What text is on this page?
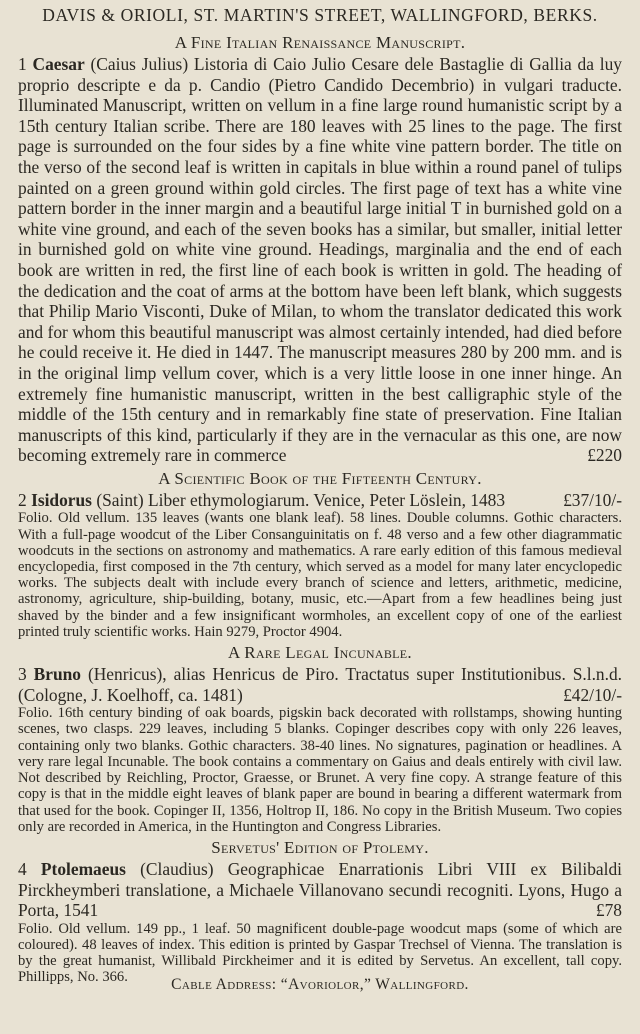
DAVIS & ORIOLI, ST. MARTIN'S STREET, WALLINGFORD, BERKS.
A Fine Italian Renaissance Manuscript.
1 Caesar (Caius Julius) Listoria di Caio Julio Cesare dele Bastaglie di Gallia da luy proprio descripte e da p. Candio (Pietro Candido Decembrio) in vulgari traducte. Illuminated Manuscript, written on vellum in a fine large round humanistic script by a 15th century Italian scribe. There are 180 leaves with 25 lines to the page. The first page is surrounded on the four sides by a fine white vine pattern border. The title on the verso of the second leaf is written in capitals in blue within a round panel of tulips painted on a green ground within gold circles. The first page of text has a white vine pattern border in the inner margin and a beautiful large initial T in burnished gold on a white vine ground, and each of the seven books has a similar, but smaller, initial letter in burnished gold on white vine ground. Headings, marginalia and the end of each book are written in red, the first line of each book is written in gold. The heading of the dedication and the coat of arms at the bottom have been left blank, which suggests that Philip Mario Visconti, Duke of Milan, to whom the translator dedicated this work and for whom this beautiful manuscript was almost certainly intended, had died before he could receive it. He died in 1447. The manuscript measures 280 by 200 mm. and is in the original limp vellum cover, which is a very little loose in one inner hinge. An extremely fine humanistic manuscript, written in the best calligraphic style of the middle of the 15th century and in remarkably fine state of preservation. Fine Italian manuscripts of this kind, particularly if they are in the vernacular as this one, are now becoming extremely rare in commerce	£220
A Scientific Book of the Fifteenth Century.
2 Isidorus (Saint) Liber ethymologiarum. Venice, Peter Löslein, 1483	£37/10/-
Folio. Old vellum. 135 leaves (wants one blank leaf). 58 lines. Double columns. Gothic characters. With a full-page woodcut of the Liber Consanguinitatis on f. 48 verso and a few other diagrammatic woodcuts in the sections on astronomy and mathematics. A rare early edition of this famous medieval encyclopedia, first composed in the 7th century, which served as a model for many later encyclopedic works. The subjects dealt with include every branch of science and letters, arithmetic, medicine, astronomy, agriculture, ship-building, botany, music, etc.—Apart from a few headlines being just shaved by the binder and a few insignificant wormholes, an excellent copy of one of the earliest printed truly scientific works. Hain 9279, Proctor 4904.
A Rare Legal Incunable.
3 Bruno (Henricus), alias Henricus de Piro. Tractatus super Institutionibus. S.l.n.d. (Cologne, J. Koelhoff, ca. 1481)	£42/10/-
Folio. 16th century binding of oak boards, pigskin back decorated with rollstamps, showing hunting scenes, two clasps. 229 leaves, including 5 blanks. Copinger describes copy with only 226 leaves, containing only two blanks. Gothic characters. 38-40 lines. No signatures, pagination or headlines. A very rare legal Incunable. The book contains a commentary on Gaius and deals entirely with civil law. Not described by Reichling, Proctor, Graesse, or Brunet. A very fine copy. A strange feature of this copy is that in the middle eight leaves of blank paper are bound in bearing a different watermark from that used for the book. Copinger II, 1356, Holtrop II, 186. No copy in the British Museum. Two copies only are recorded in America, in the Huntington and Congress Libraries.
Servetus' Edition of Ptolemy.
4 Ptolemaeus (Claudius) Geographicae Enarrationis Libri VIII ex Bilibaldi Pirckheymberi translatione, a Michaele Villanovano secundi recogniti. Lyons, Hugo a Porta, 1541	£78
Folio. Old vellum. 149 pp., 1 leaf. 50 magnificent double-page woodcut maps (some of which are coloured). 48 leaves of index. This edition is printed by Gaspar Trechsel of Vienna. The translation is by the great humanist, Willibald Pirckheimer and it is edited by Servetus. An excellent, tall copy. Phillipps, No. 366.	Cable Address: “Avoriolor,” Wallingford.
